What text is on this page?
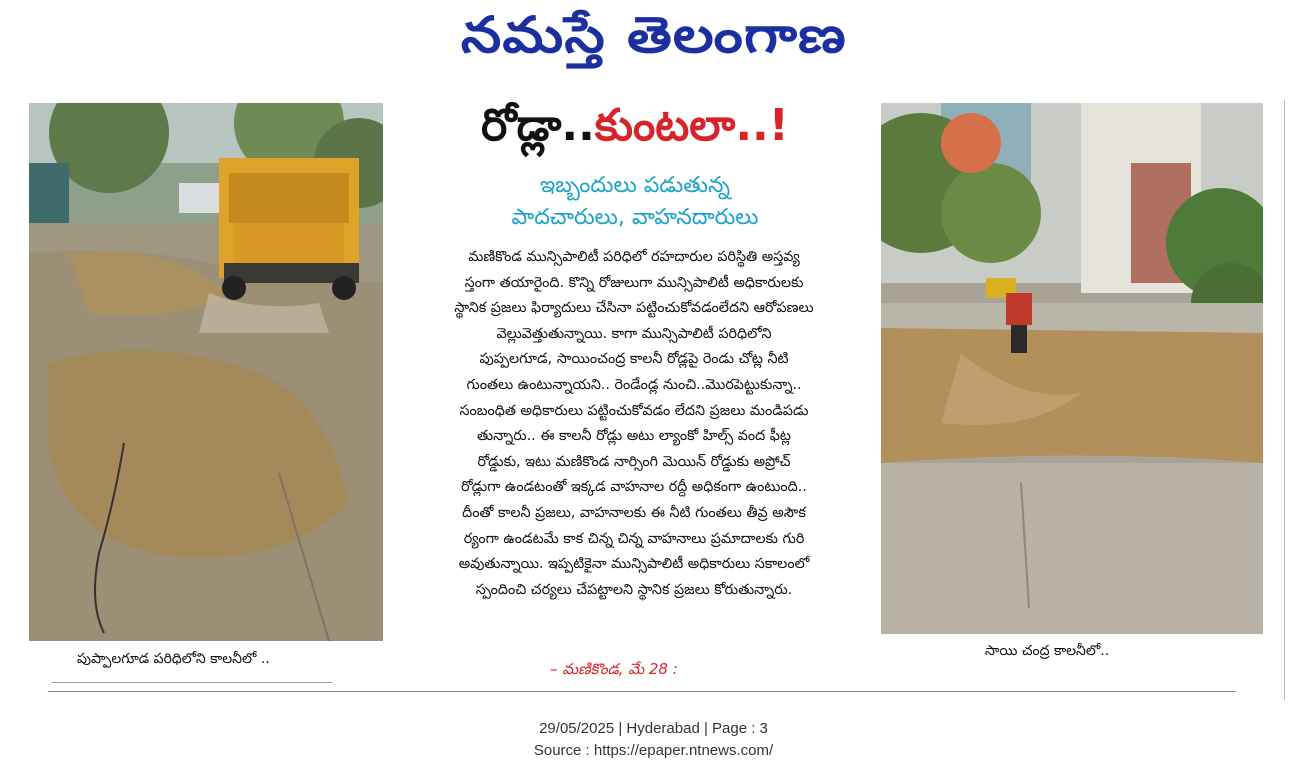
నమస్తే తెలంగాణ
పుప్పాలగూడ పరిధిలోని కాలనీలో ..
రోడ్లా..కుంటలా..!
ఇబ్బందులు పడుతున్న
పాదచారులు, వాహనదారులు
మణికొండ మున్సిపాలిటీ పరిధిలో రహదారుల పరిస్థితి అస్తవ్య
స్తంగా తయారైంది. కొన్ని రోజులుగా మున్సిపాలిటీ అధికారులకు
స్థానిక ప్రజలు ఫిర్యాదులు చేసినా పట్టించుకోవడంలేదని ఆరోపణలు
వెల్లువెత్తుతున్నాయి. కాగా మున్సిపాలిటీ పరిధిలోని
పుప్పలగూడ, సాయించంద్ర కాలనీ రోడ్లపై రెండు చోట్ల నీటి
గుంతలు ఉంటున్నాయని.. రెండేండ్ల నుంచి..మొరపెట్టుకున్నా..
సంబంధిత అధికారులు పట్టించుకోవడం లేదని ప్రజలు మండిపడు
తున్నారు.. ఈ కాలనీ రోడ్లు అటు ల్యాంకో హిల్స్ వంద ఫీట్ల
రోడ్డుకు, ఇటు మణికొండ నార్సింగి మెయిన్ రోడ్డుకు అప్రోచ్
రోడ్లుగా ఉండటంతో ఇక్కడ వాహనాల రద్దీ అధికంగా ఉంటుంది..
దీంతో కాలనీ ప్రజలు, వాహనాలకు ఈ నీటి గుంతలు తీవ్ర అసౌక
ర్యంగా ఉండటమే కాక చిన్న చిన్న వాహనాలు ప్రమాదాలకు గురి
అవుతున్నాయి. ఇప్పటికైనా మున్సిపాలిటీ అధికారులు సకాలంలో
స్పందించి చర్యలు చేపట్టాలని స్థానిక ప్రజలు కోరుతున్నారు.
– మణికొండ, మే 28 :
సాయి చంద్ర కాలనీలో..
29/05/2025 | Hyderabad | Page : 3
Source : https://epaper.ntnews.com/
